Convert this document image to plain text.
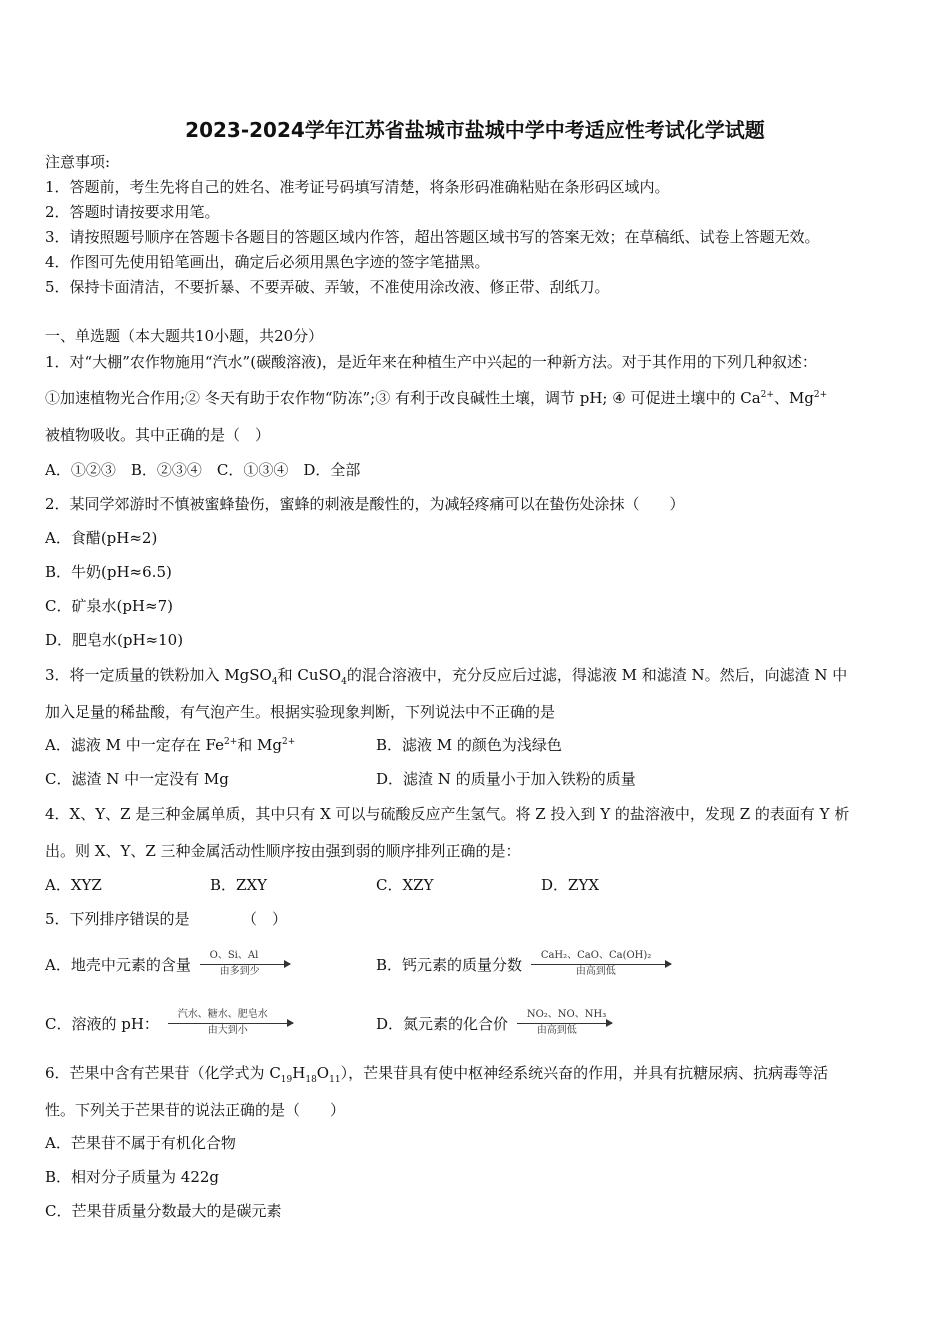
2023-2024学年江苏省盐城市盐城中学中考适应性考试化学试题
注意事项:
1．答题前，考生先将自己的姓名、准考证号码填写清楚，将条形码准确粘贴在条形码区域内。
2．答题时请按要求用笔。
3．请按照题号顺序在答题卡各题目的答题区域内作答，超出答题区域书写的答案无效；在草稿纸、试卷上答题无效。
4．作图可先使用铅笔画出，确定后必须用黑色字迹的签字笔描黑。
5．保持卡面清洁，不要折暴、不要弄破、弄皱，不准使用涂改液、修正带、刮纸刀。
一、单选题（本大题共10小题，共20分）
1．对“大棚”农作物施用“汽水”(碳酸溶液)，是近年来在种植生产中兴起的一种新方法。对于其作用的下列几种叙述：
①加速植物光合作用;② 冬天有助于农作物“防冻”;③ 有利于改良碱性土壤，调节 pH; ④ 可促进土壤中的 $Ca^{2+}$、$Mg^{2+}$
被植物吸收。其中正确的是（　）
A．①②③　B．②③④　C．①③④　D．全部
2．某同学郊游时不慎被蜜蜂蛰伤，蜜蜂的刺液是酸性的，为减轻疼痛可以在蛰伤处涂抹（　　）
A．食醋(pH≈2)
B．牛奶(pH≈6.5)
C．矿泉水(pH≈7)
D．肥皂水(pH≈10)
3．将一定质量的铁粉加入 MgSO$_4$和 CuSO$_4$的混合溶液中，充分反应后过滤，得滤液 M 和滤渣 N。然后，向滤渣 N 中
加入足量的稀盐酸，有气泡产生。根据实验现象判断，下列说法中不正确的是
A．滤液 M 中一定存在 $Fe^{2+}$和 $Mg^{2+}$	B．滤液 M 的颜色为浅绿色
C．滤渣 N 中一定没有 Mg	D．滤渣 N 的质量小于加入铁粉的质量
4．X、Y、Z 是三种金属单质，其中只有 X 可以与硫酸反应产生氢气。将 Z 投入到 Y 的盐溶液中，发现 Z 的表面有 Y 析
出。则 X、Y、Z 三种金属活动性顺序按由强到弱的顺序排列正确的是：
A．XYZ	B．ZXY	C．XZY	D．ZYX
5．下列排序错误的是　　　　（　）
A．地壳中元素的含量
O、Si、Al
由多到少	B．钙元素的质量分数
CaH₂、CaO、Ca(OH)₂
由高到低
C．溶液的 pH：
汽水、糖水、肥皂水
由大到小	D．氮元素的化合价
NO₂、NO、NH₃
由高到低
6．芒果中含有芒果苷（化学式为 $C_{19}H_{18}O_{11}$），芒果苷具有使中枢神经系统兴奋的作用，并具有抗糖尿病、抗病毒等活
性。下列关于芒果苷的说法正确的是（　　）
A．芒果苷不属于有机化合物
B．相对分子质量为 422g
C．芒果苷质量分数最大的是碳元素
